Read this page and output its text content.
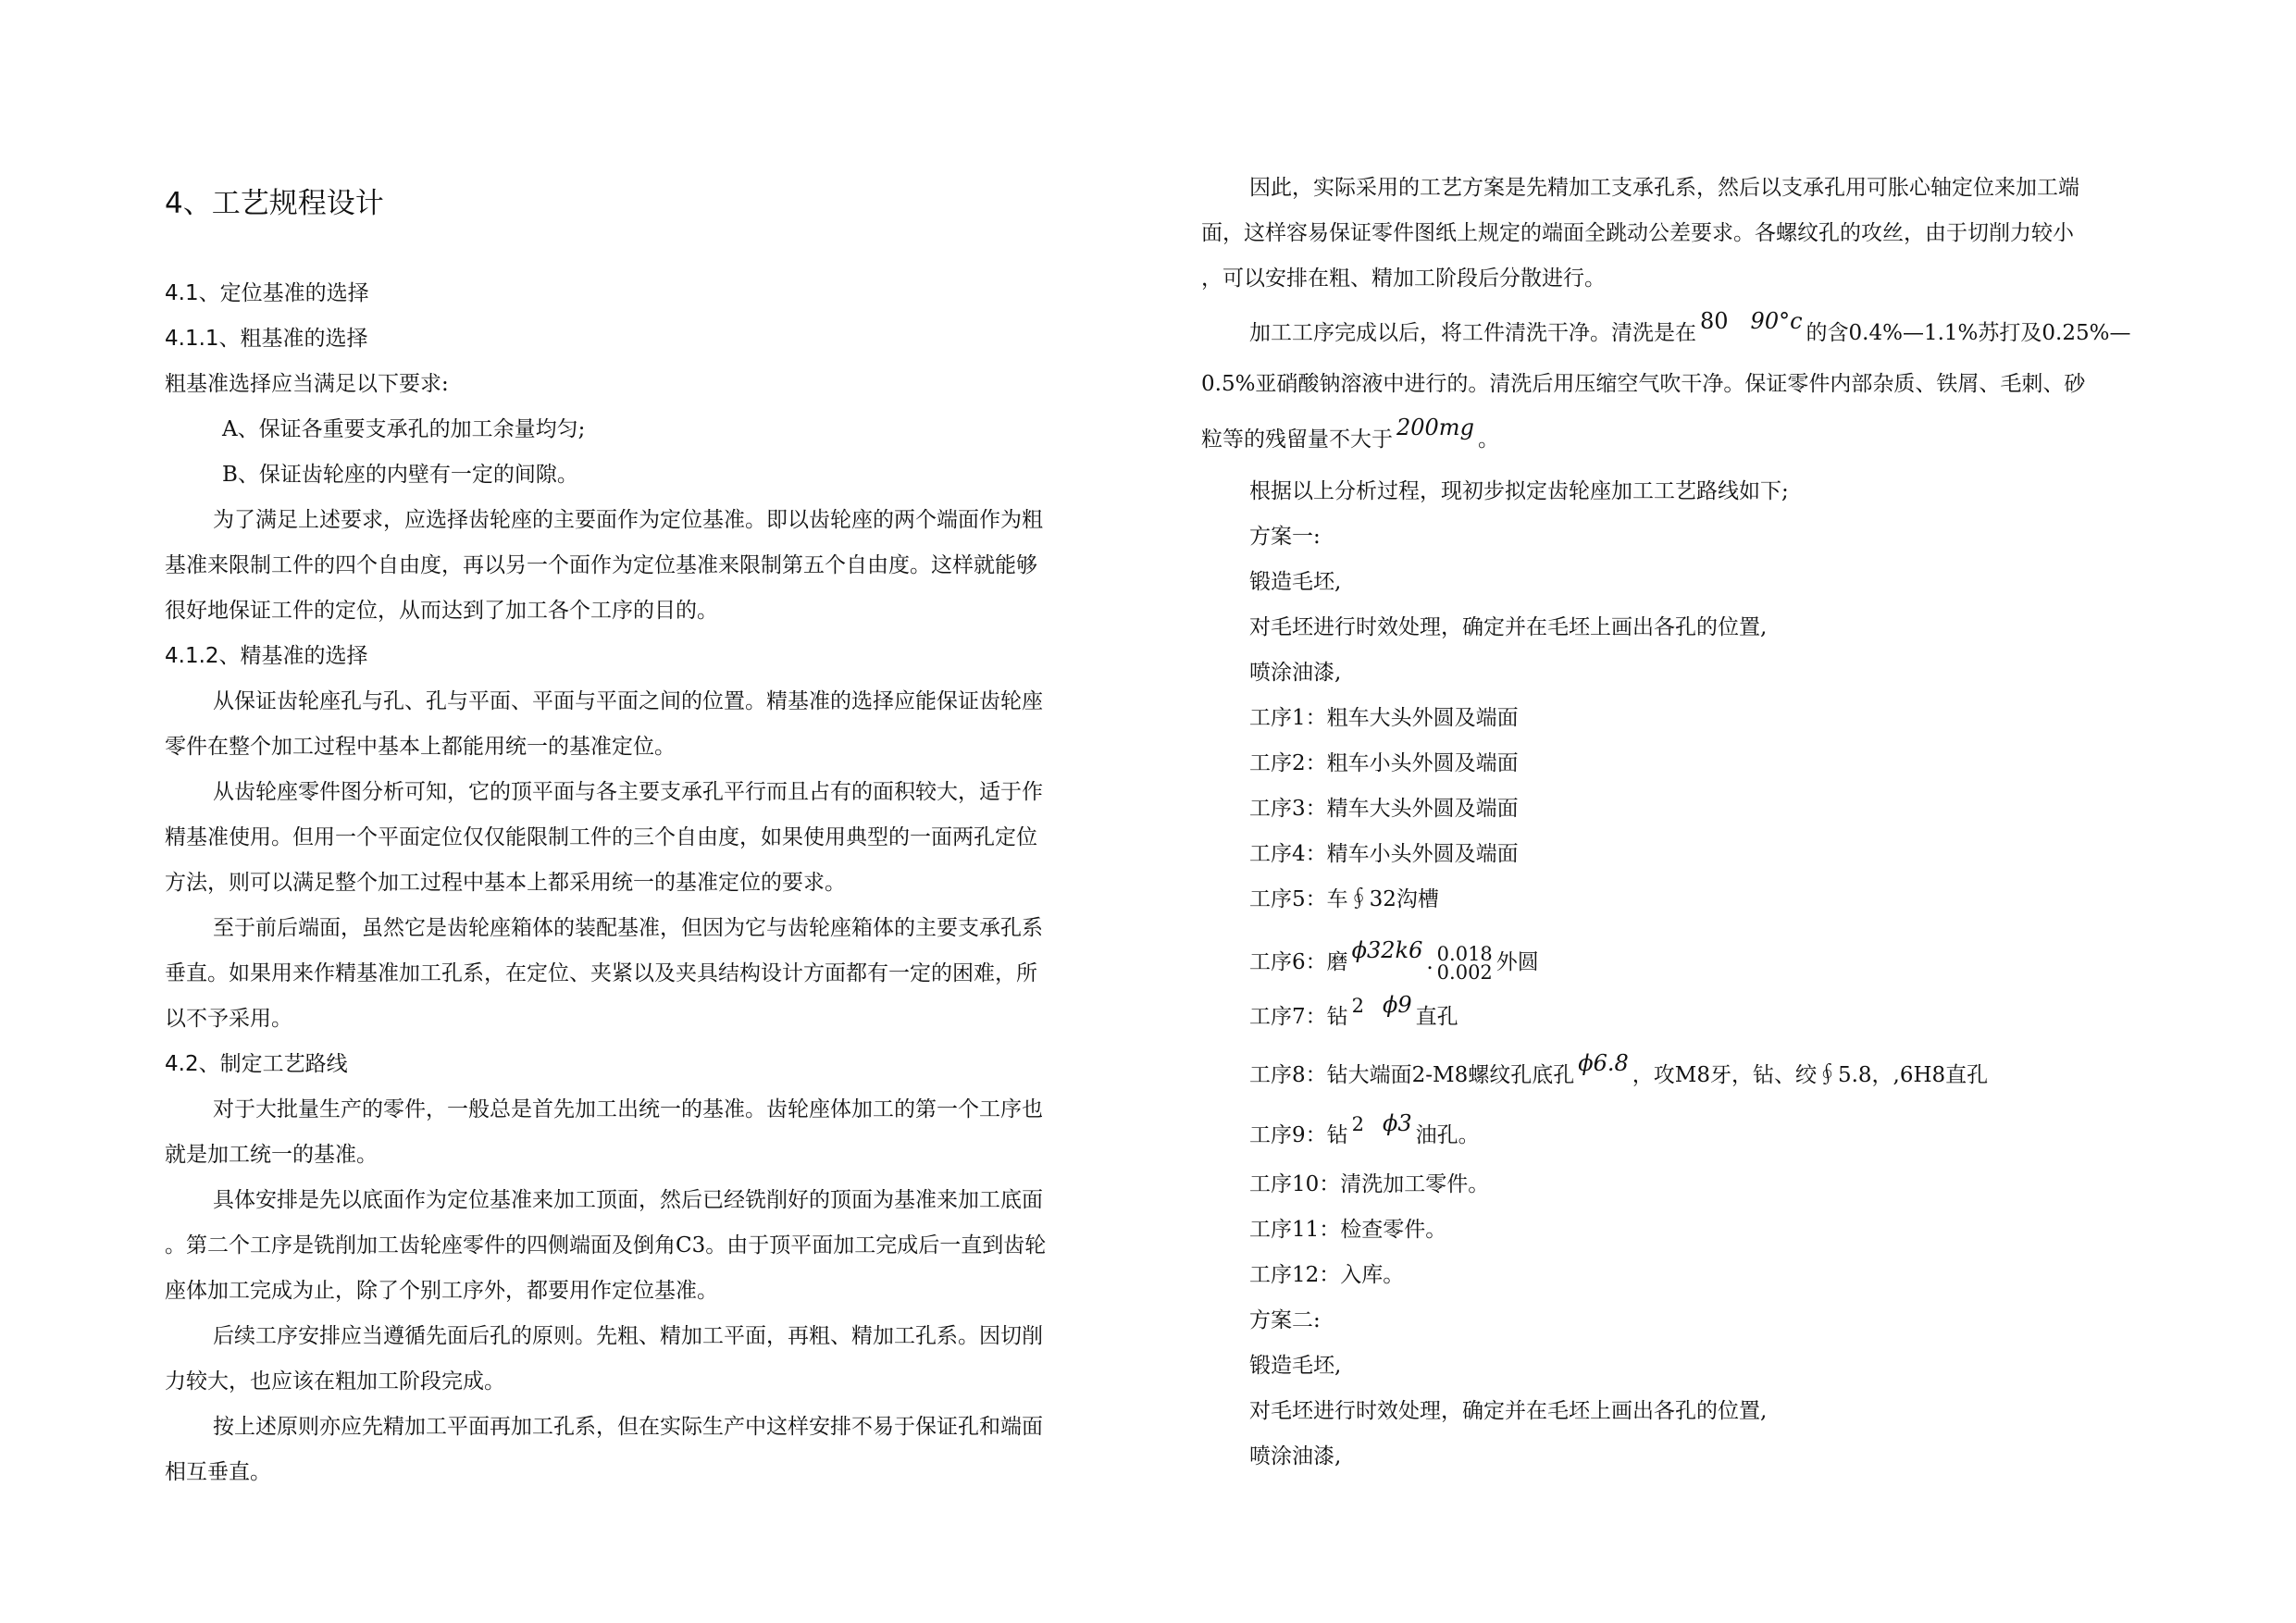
4、工艺规程设计
4.1、定位基准的选择
4.1.1、粗基准的选择
粗基准选择应当满足以下要求:
A、保证各重要支承孔的加工余量均匀;
B、保证齿轮座的内壁有一定的间隙。
为了满足上述要求，应选择齿轮座的主要面作为定位基准。即以齿轮座的两个端面作为粗
基准来限制工件的四个自由度，再以另一个面作为定位基准来限制第五个自由度。这样就能够
很好地保证工件的定位，从而达到了加工各个工序的目的。
4.1.2、精基准的选择
从保证齿轮座孔与孔、孔与平面、平面与平面之间的位置。精基准的选择应能保证齿轮座
零件在整个加工过程中基本上都能用统一的基准定位。
从齿轮座零件图分析可知，它的顶平面与各主要支承孔平行而且占有的面积较大，适于作
精基准使用。但用一个平面定位仅仅能限制工件的三个自由度，如果使用典型的一面两孔定位
方法，则可以满足整个加工过程中基本上都采用统一的基准定位的要求。
至于前后端面，虽然它是齿轮座箱体的装配基准，但因为它与齿轮座箱体的主要支承孔系
垂直。如果用来作精基准加工孔系，在定位、夹紧以及夹具结构设计方面都有一定的困难，所
以不予采用。
4.2、制定工艺路线
对于大批量生产的零件，一般总是首先加工出统一的基准。齿轮座体加工的第一个工序也
就是加工统一的基准。
具体安排是先以底面作为定位基准来加工顶面，然后已经铣削好的顶面为基准来加工底面
。第二个工序是铣削加工齿轮座零件的四侧端面及倒角C3。由于顶平面加工完成后一直到齿轮
座体加工完成为止，除了个别工序外，都要用作定位基准。
后续工序安排应当遵循先面后孔的原则。先粗、精加工平面，再粗、精加工孔系。因切削
力较大，也应该在粗加工阶段完成。
按上述原则亦应先精加工平面再加工孔系，但在实际生产中这样安排不易于保证孔和端面
相互垂直。
因此，实际采用的工艺方案是先精加工支承孔系，然后以支承孔用可胀心轴定位来加工端
面，这样容易保证零件图纸上规定的端面全跳动公差要求。各螺纹孔的攻丝，由于切削力较小
，可以安排在粗、精加工阶段后分散进行。
加工工序完成以后，将工件清洗干净。清洗是在 80 90°c 的含0.4%—1.1%苏打及0.25%—
0.5%亚硝酸钠溶液中进行的。清洗后用压缩空气吹干净。保证零件内部杂质、铁屑、毛刺、砂
粒等的残留量不大于 200mg 。
根据以上分析过程，现初步拟定齿轮座加工工艺路线如下;
方案一:
锻造毛坯,
对毛坯进行时效处理，确定并在毛坯上画出各孔的位置,
喷涂油漆,
工序1：粗车大头外圆及端面
工序2：粗车小头外圆及端面
工序3：精车大头外圆及端面
工序4：精车小头外圆及端面
工序5：车∮32沟槽
工序6：磨 ϕ32k6 . 0.018
0.002 外圆
工序7：钻 2 ϕ9 直孔
工序8：钻大端面2-M8螺纹孔底孔 ϕ6.8 ，攻M8牙，钻、绞∮5.8，,6H8直孔
工序9：钻 2 ϕ3 油孔。
工序10：清洗加工零件。
工序11：检查零件。
工序12：入库。
方案二:
锻造毛坯,
对毛坯进行时效处理，确定并在毛坯上画出各孔的位置,
喷涂油漆,
